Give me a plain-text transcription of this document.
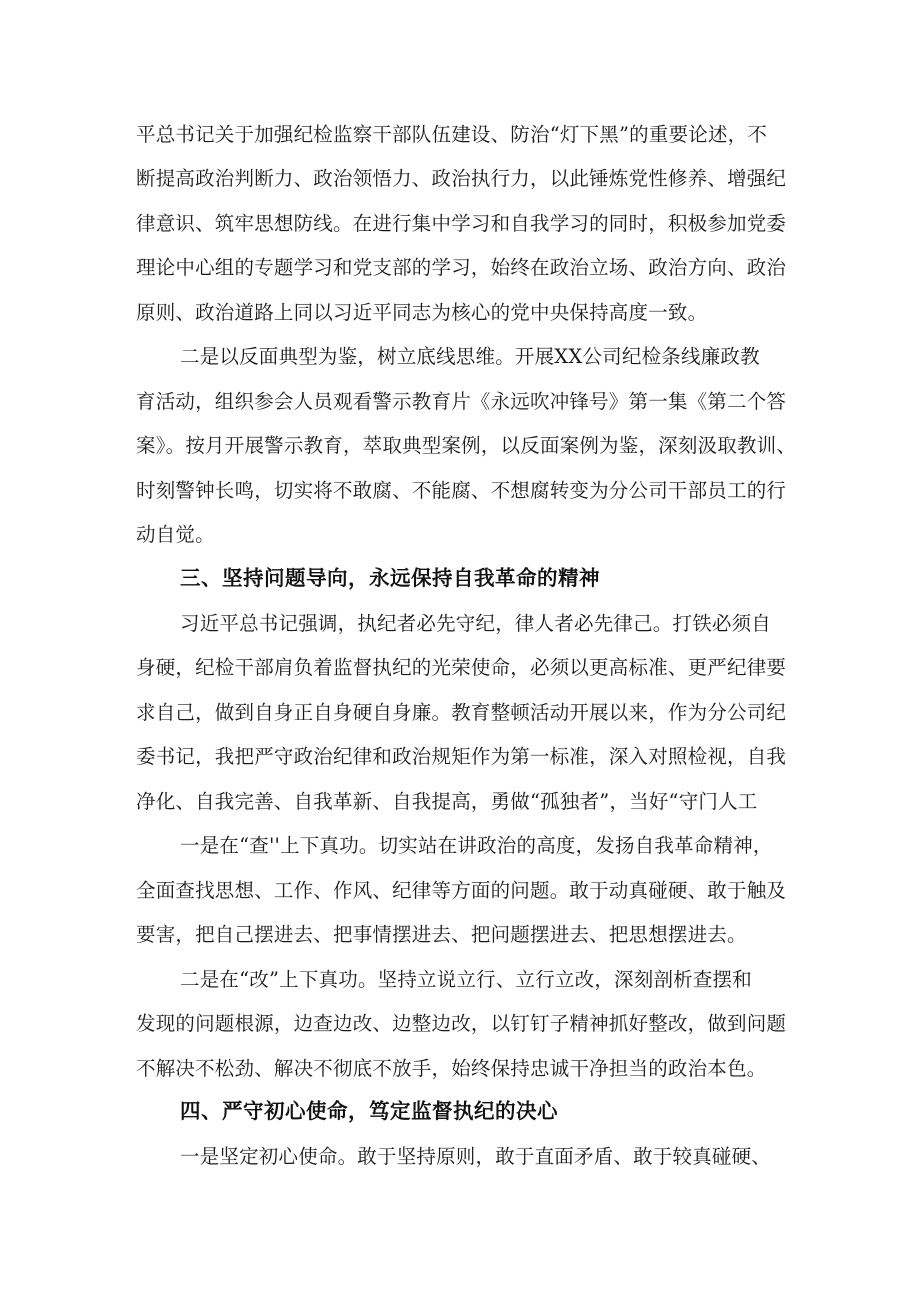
平总书记关于加强纪检监察干部队伍建设、防治“灯下黑”的重要论述，不
断提高政治判断力、政治领悟力、政治执行力，以此锤炼党性修养、增强纪
律意识、筑牢思想防线。在进行集中学习和自我学习的同时，积极参加党委
理论中心组的专题学习和党支部的学习，始终在政治立场、政治方向、政治
原则、政治道路上同以习近平同志为核心的党中央保持高度一致。
二是以反面典型为鉴，树立底线思维。开展XX公司纪检条线廉政教
育活动，组织参会人员观看警示教育片《永远吹冲锋号》第一集《第二个答
案》。按月开展警示教育，萃取典型案例，以反面案例为鉴，深刻汲取教训、
时刻警钟长鸣，切实将不敢腐、不能腐、不想腐转变为分公司干部员工的行
动自觉。
三、坚持问题导向，永远保持自我革命的精神
习近平总书记强调，执纪者必先守纪，律人者必先律己。打铁必须自
身硬，纪检干部肩负着监督执纪的光荣使命，必须以更高标准、更严纪律要
求自己，做到自身正自身硬自身廉。教育整顿活动开展以来，作为分公司纪
委书记，我把严守政治纪律和政治规矩作为第一标准，深入对照检视，自我
净化、自我完善、自我革新、自我提高，勇做“孤独者”，当好“守门人工
一是在“查''上下真功。切实站在讲政治的高度，发扬自我革命精神，
全面查找思想、工作、作风、纪律等方面的问题。敢于动真碰硬、敢于触及
要害，把自己摆进去、把事情摆进去、把问题摆进去、把思想摆进去。
二是在“改”上下真功。坚持立说立行、立行立改，深刻剖析查摆和
发现的问题根源，边查边改、边整边改，以钉钉子精神抓好整改，做到问题
不解决不松劲、解决不彻底不放手，始终保持忠诚干净担当的政治本色。
四、严守初心使命，笃定监督执纪的决心
一是坚定初心使命。敢于坚持原则，敢于直面矛盾、敢于较真碰硬、
